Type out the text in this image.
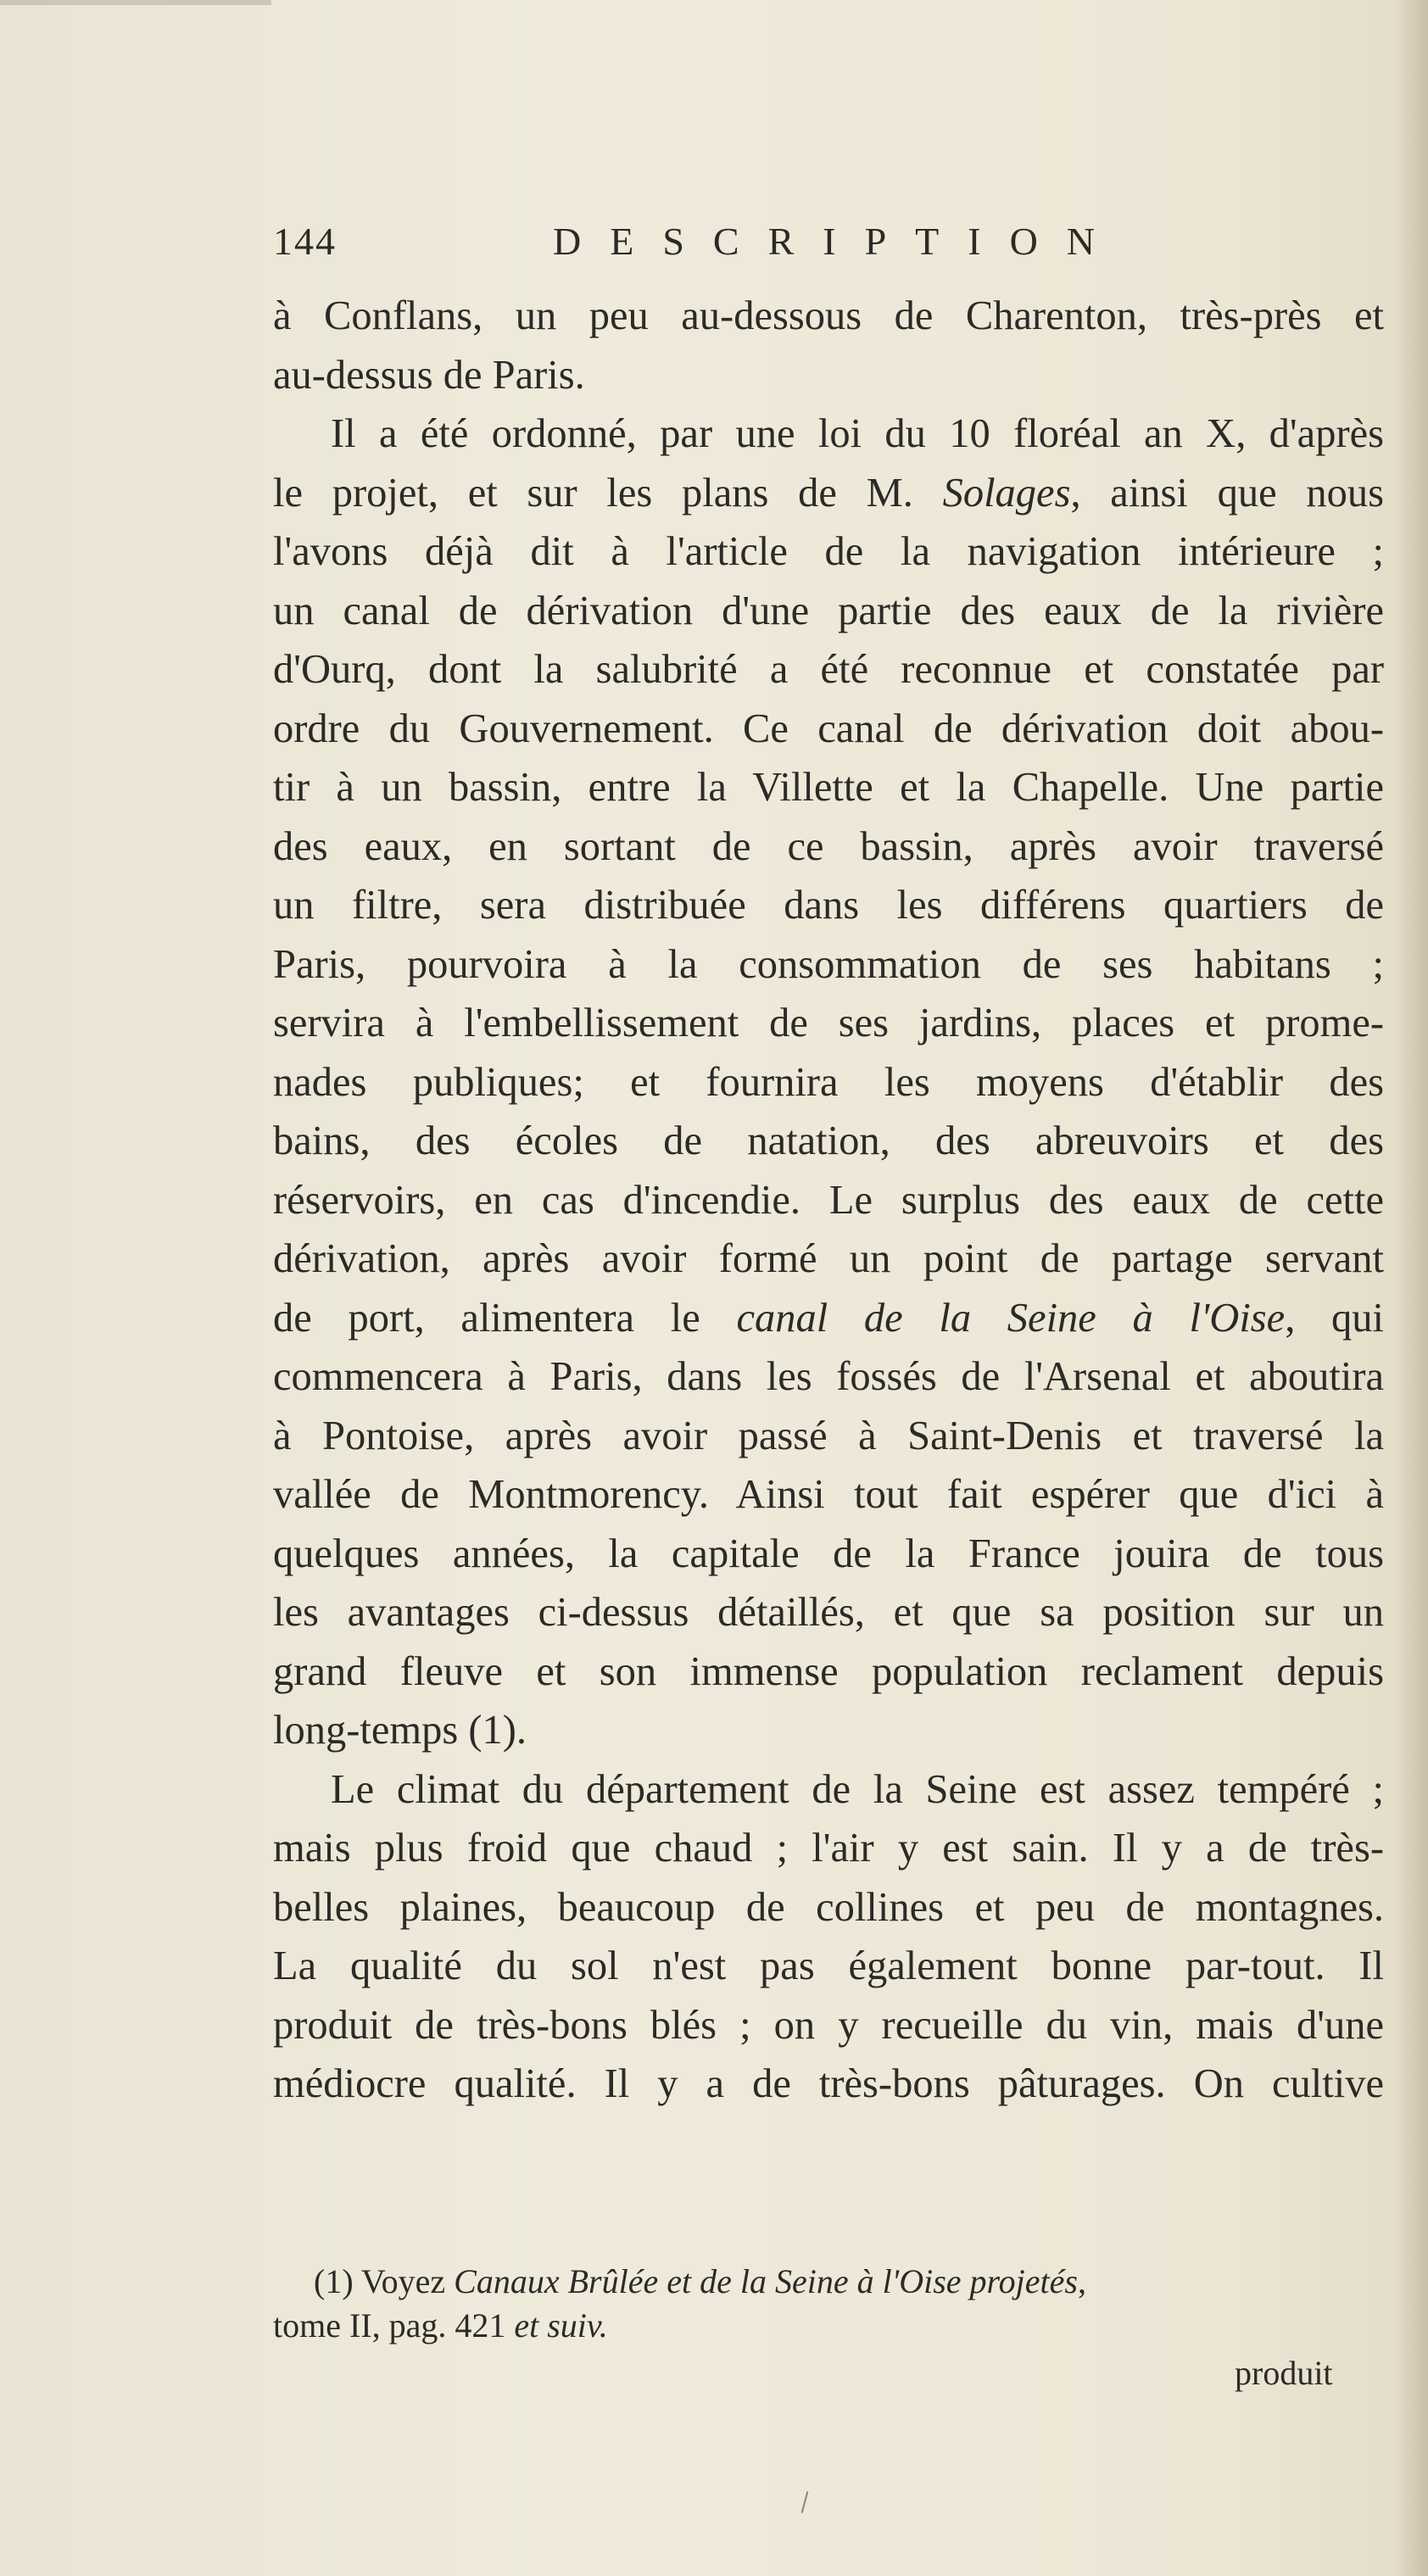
144	DESCRIPTION
à Conflans, un peu au-dessous de Charenton, très-près et
au-dessus de Paris.
Il a été ordonné, par une loi du 10 floréal an X, d'après
le projet, et sur les plans de M. Solages, ainsi que nous
l'avons déjà dit à l'article de la navigation intérieure ;
un canal de dérivation d'une partie des eaux de la rivière
d'Ourq, dont la salubrité a été reconnue et constatée par
ordre du Gouvernement. Ce canal de dérivation doit abou-
tir à un bassin, entre la Villette et la Chapelle. Une partie
des eaux, en sortant de ce bassin, après avoir traversé
un filtre, sera distribuée dans les différens quartiers de
Paris, pourvoira à la consommation de ses habitans ;
servira à l'embellissement de ses jardins, places et prome-
nades publiques; et fournira les moyens d'établir des
bains, des écoles de natation, des abreuvoirs et des
réservoirs, en cas d'incendie. Le surplus des eaux de cette
dérivation, après avoir formé un point de partage servant
de port, alimentera le canal de la Seine à l'Oise, qui
commencera à Paris, dans les fossés de l'Arsenal et aboutira
à Pontoise, après avoir passé à Saint-Denis et traversé la
vallée de Montmorency. Ainsi tout fait espérer que d'ici à
quelques années, la capitale de la France jouira de tous
les avantages ci-dessus détaillés, et que sa position sur un
grand fleuve et son immense population reclament depuis
long-temps (1).
Le climat du département de la Seine est assez tempéré ;
mais plus froid que chaud ; l'air y est sain. Il y a de très-
belles plaines, beaucoup de collines et peu de montagnes.
La qualité du sol n'est pas également bonne par-tout. Il
produit de très-bons blés ; on y recueille du vin, mais d'une
médiocre qualité. Il y a de très-bons pâturages. On cultive
(1) Voyez Canaux Brûlée et de la Seine à l'Oise projetés,
tome II, pag. 421 et suiv.
produit
